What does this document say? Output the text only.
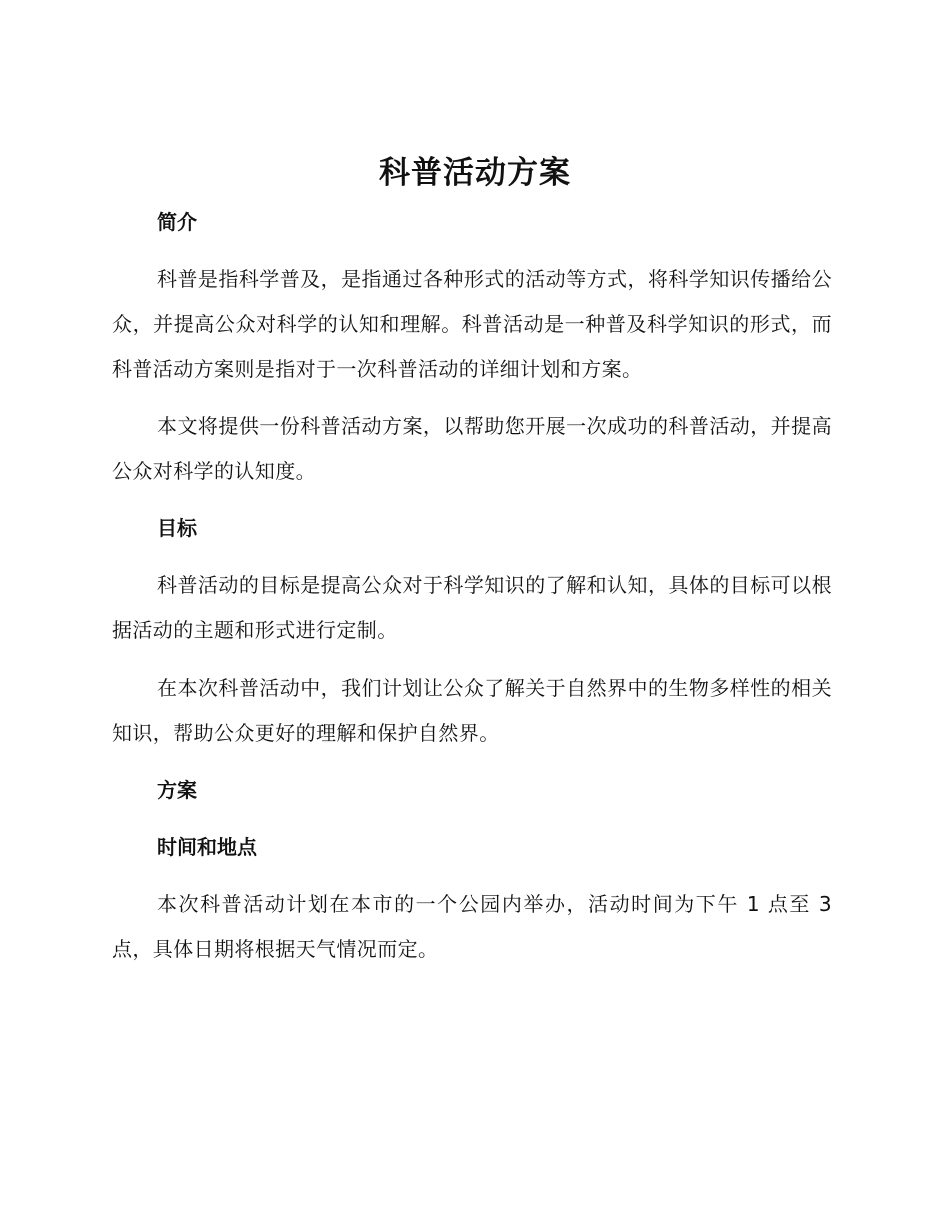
科普活动方案
简介

科普是指科学普及，是指通过各种形式的活动等方式，将科学知识传播给公众，并提高公众对科学的认知和理解。科普活动是一种普及科学知识的形式，而科普活动方案则是指对于一次科普活动的详细计划和方案。

本文将提供一份科普活动方案，以帮助您开展一次成功的科普活动，并提高公众对科学的认知度。

目标

科普活动的目标是提高公众对于科学知识的了解和认知，具体的目标可以根据活动的主题和形式进行定制。

在本次科普活动中，我们计划让公众了解关于自然界中的生物多样性的相关知识，帮助公众更好的理解和保护自然界。

方案
时间和地点

本次科普活动计划在本市的一个公园内举办，活动时间为下午 1 点至 3 点，具体日期将根据天气情况而定。
